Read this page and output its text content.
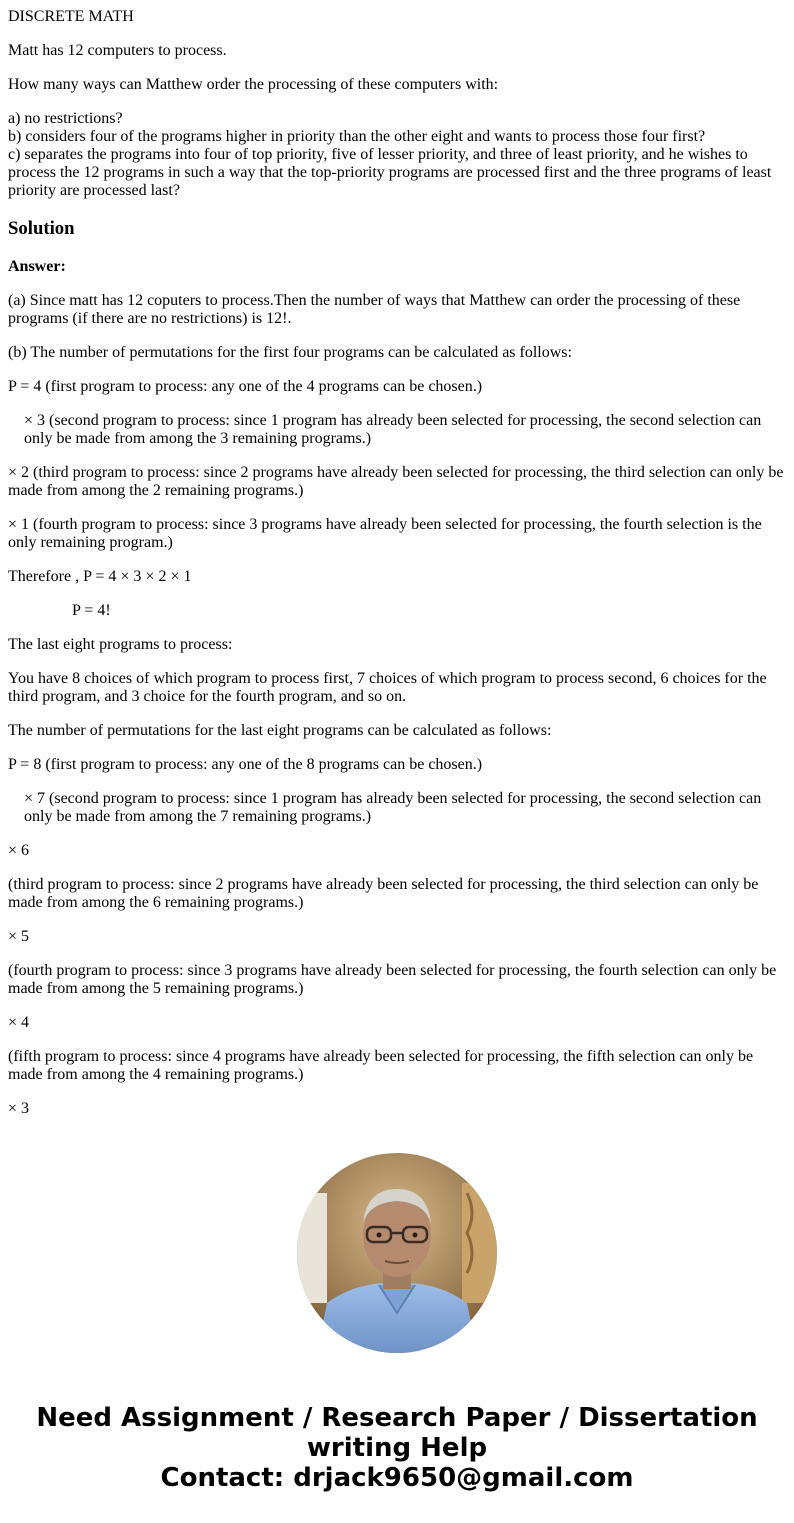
DISCRETE MATH

Matt has 12 computers to process.

How many ways can Matthew order the processing of these computers with:

a) no restrictions?
b) considers four of the programs higher in priority than the other eight and wants to process those four first?
c) separates the programs into four of top priority, five of lesser priority, and three of least priority, and he wishes to process the 12 programs in such a way that the top-priority programs are processed first and the three programs of least priority are processed last?

Solution

Answer:

(a) Since matt has 12 coputers to process.Then the number of ways that Matthew can order the processing of these programs (if there are no restrictions) is 12!.

(b) The number of permutations for the first four programs can be calculated as follows:

P = 4 (first program to process: any one of the 4 programs can be chosen.)

× 3 (second program to process: since 1 program has already been selected for processing, the second selection can only be made from among the 3 remaining programs.)

× 2 (third program to process: since 2 programs have already been selected for processing, the third selection can only be made from among the 2 remaining programs.)

× 1 (fourth program to process: since 3 programs have already been selected for processing, the fourth selection is the only remaining program.)

Therefore , P = 4 × 3 × 2 × 1

P = 4!

The last eight programs to process:

You have 8 choices of which program to process first, 7 choices of which program to process second, 6 choices for the third program, and 3 choice for the fourth program, and so on.

The number of permutations for the last eight programs can be calculated as follows:

P = 8 (first program to process: any one of the 8 programs can be chosen.)

× 7 (second program to process: since 1 program has already been selected for processing, the second selection can only be made from among the 7 remaining programs.)

× 6

(third program to process: since 2 programs have already been selected for processing, the third selection can only be made from among the 6 remaining programs.)

× 5

(fourth program to process: since 3 programs have already been selected for processing, the fourth selection can only be made from among the 5 remaining programs.)

× 4

(fifth program to process: since 4 programs have already been selected for processing, the fifth selection can only be made from among the 4 remaining programs.)

× 3

Need Assignment / Research Paper / Dissertation
writing Help
Contact: drjack9650@gmail.com
